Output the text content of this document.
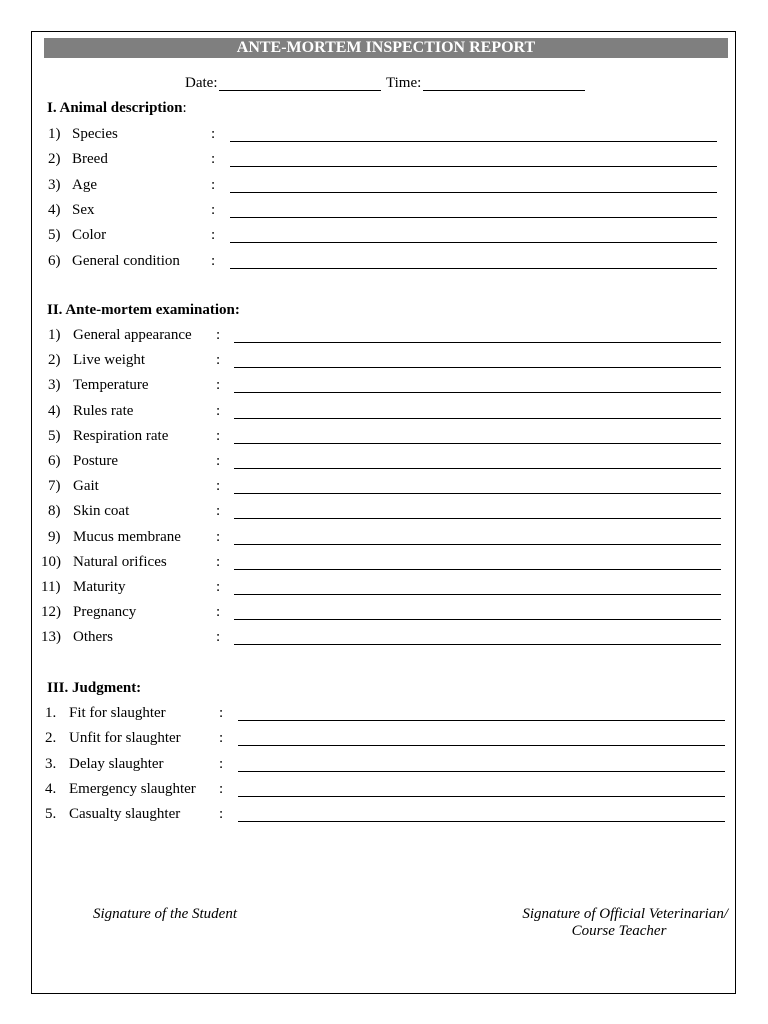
ANTE-MORTEM INSPECTION REPORT
Date:	Time:
I. Animal description:
1) Species	:
2) Breed	:
3) Age	:
4) Sex	:
5) Color	:
6) General condition :
II. Ante-mortem examination:
1) General appearance :
2) Live weight	:
3) Temperature	:
4) Rules rate	:
5) Respiration rate	:
6) Posture	:
7) Gait	:
8) Skin coat	:
9) Mucus membrane :
10) Natural orifices	:
11) Maturity	:
12) Pregnancy	:
13) Others	:
III. Judgment:
1. Fit for slaughter	:
2. Unfit for slaughter	:
3. Delay slaughter	:
4. Emergency slaughter :
5. Casualty slaughter	:
Signature of the Student	Signature of Official Veterinarian/
Course Teacher
